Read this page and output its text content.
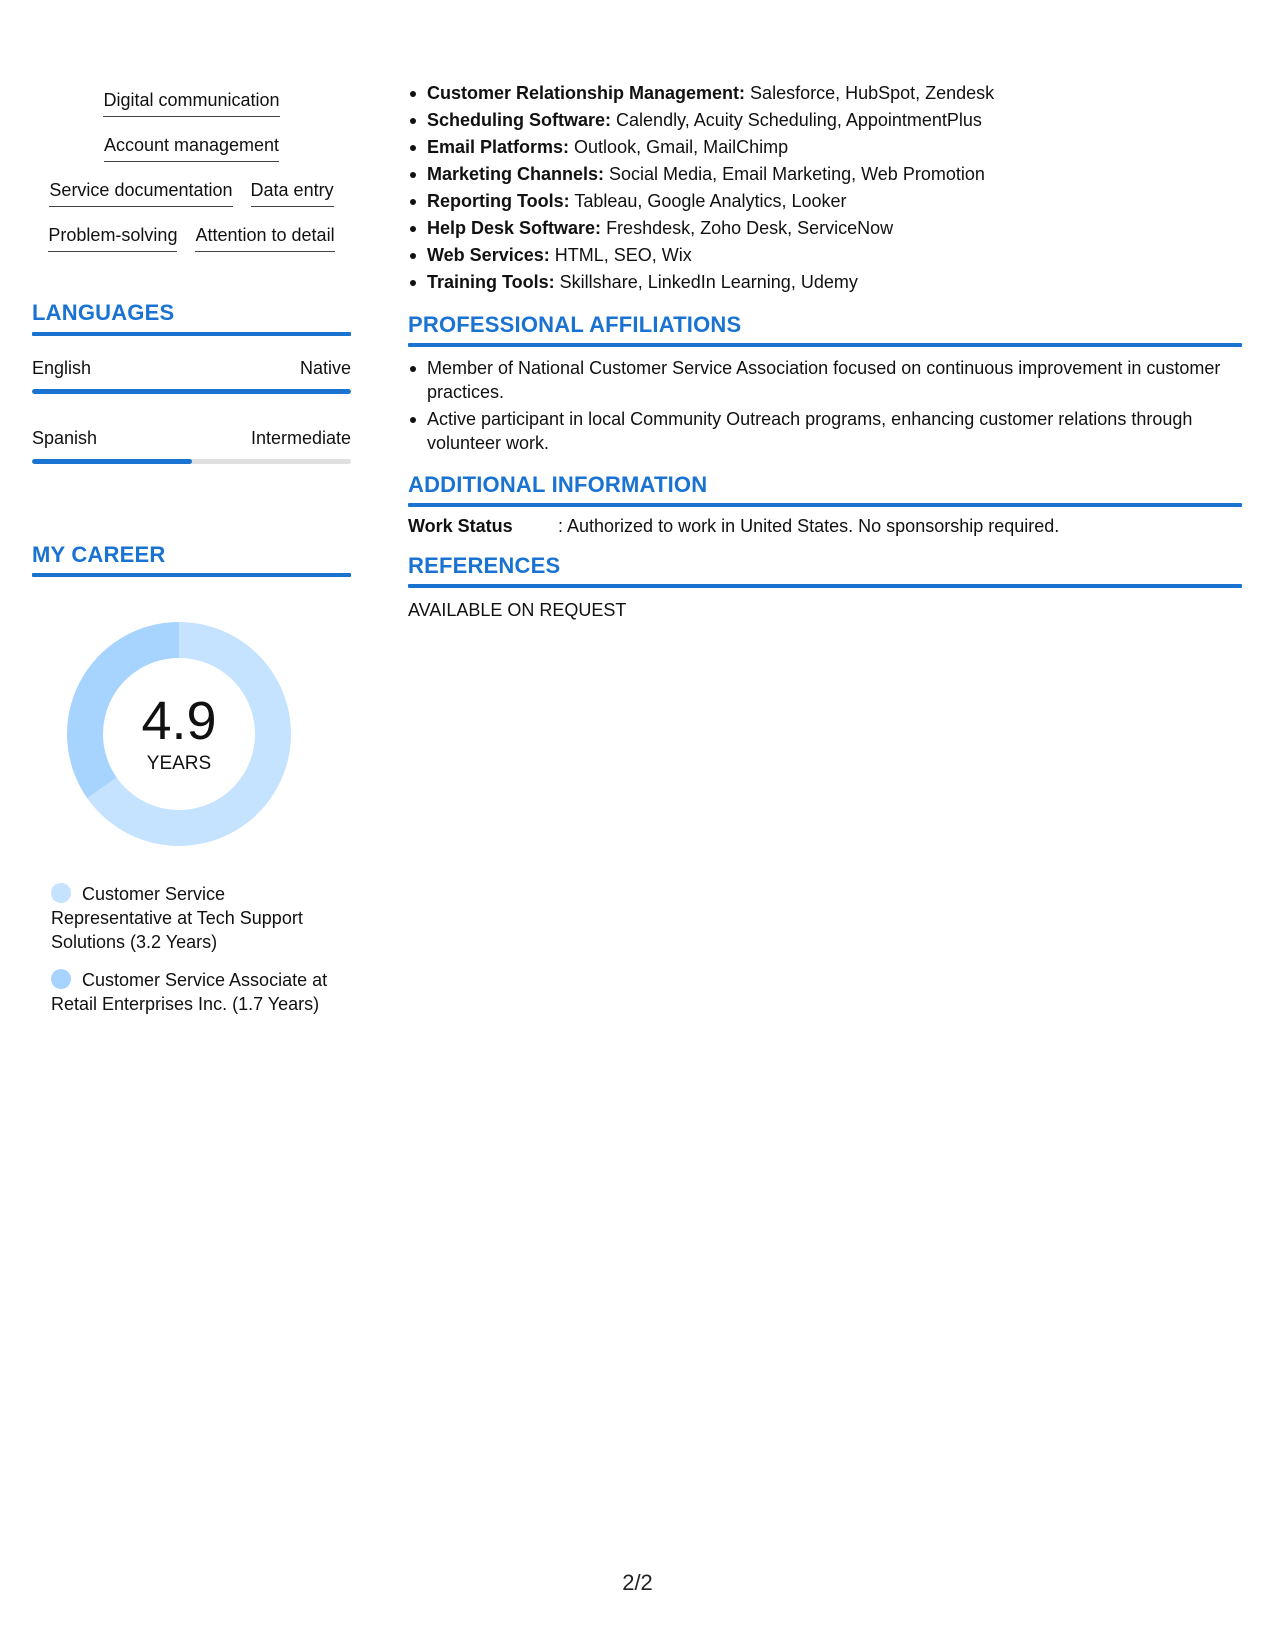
Digital communication
Account management
Service documentation Data entry
Problem-solving Attention to detail
LANGUAGES
English	Native
Spanish	Intermediate
MY CAREER
4.9
YEARS
Customer Service Representative at Tech Support Solutions (3.2 Years)
Customer Service Associate at Retail Enterprises Inc. (1.7 Years)
Customer Relationship Management: Salesforce, HubSpot, Zendesk
Scheduling Software: Calendly, Acuity Scheduling, AppointmentPlus
Email Platforms: Outlook, Gmail, MailChimp
Marketing Channels: Social Media, Email Marketing, Web Promotion
Reporting Tools: Tableau, Google Analytics, Looker
Help Desk Software: Freshdesk, Zoho Desk, ServiceNow
Web Services: HTML, SEO, Wix
Training Tools: Skillshare, LinkedIn Learning, Udemy
PROFESSIONAL AFFILIATIONS
Member of National Customer Service Association focused on continuous improvement in customer practices.
Active participant in local Community Outreach programs, enhancing customer relations through volunteer work.
ADDITIONAL INFORMATION
Work Status	: Authorized to work in United States. No sponsorship required.
REFERENCES
AVAILABLE ON REQUEST
2/2
